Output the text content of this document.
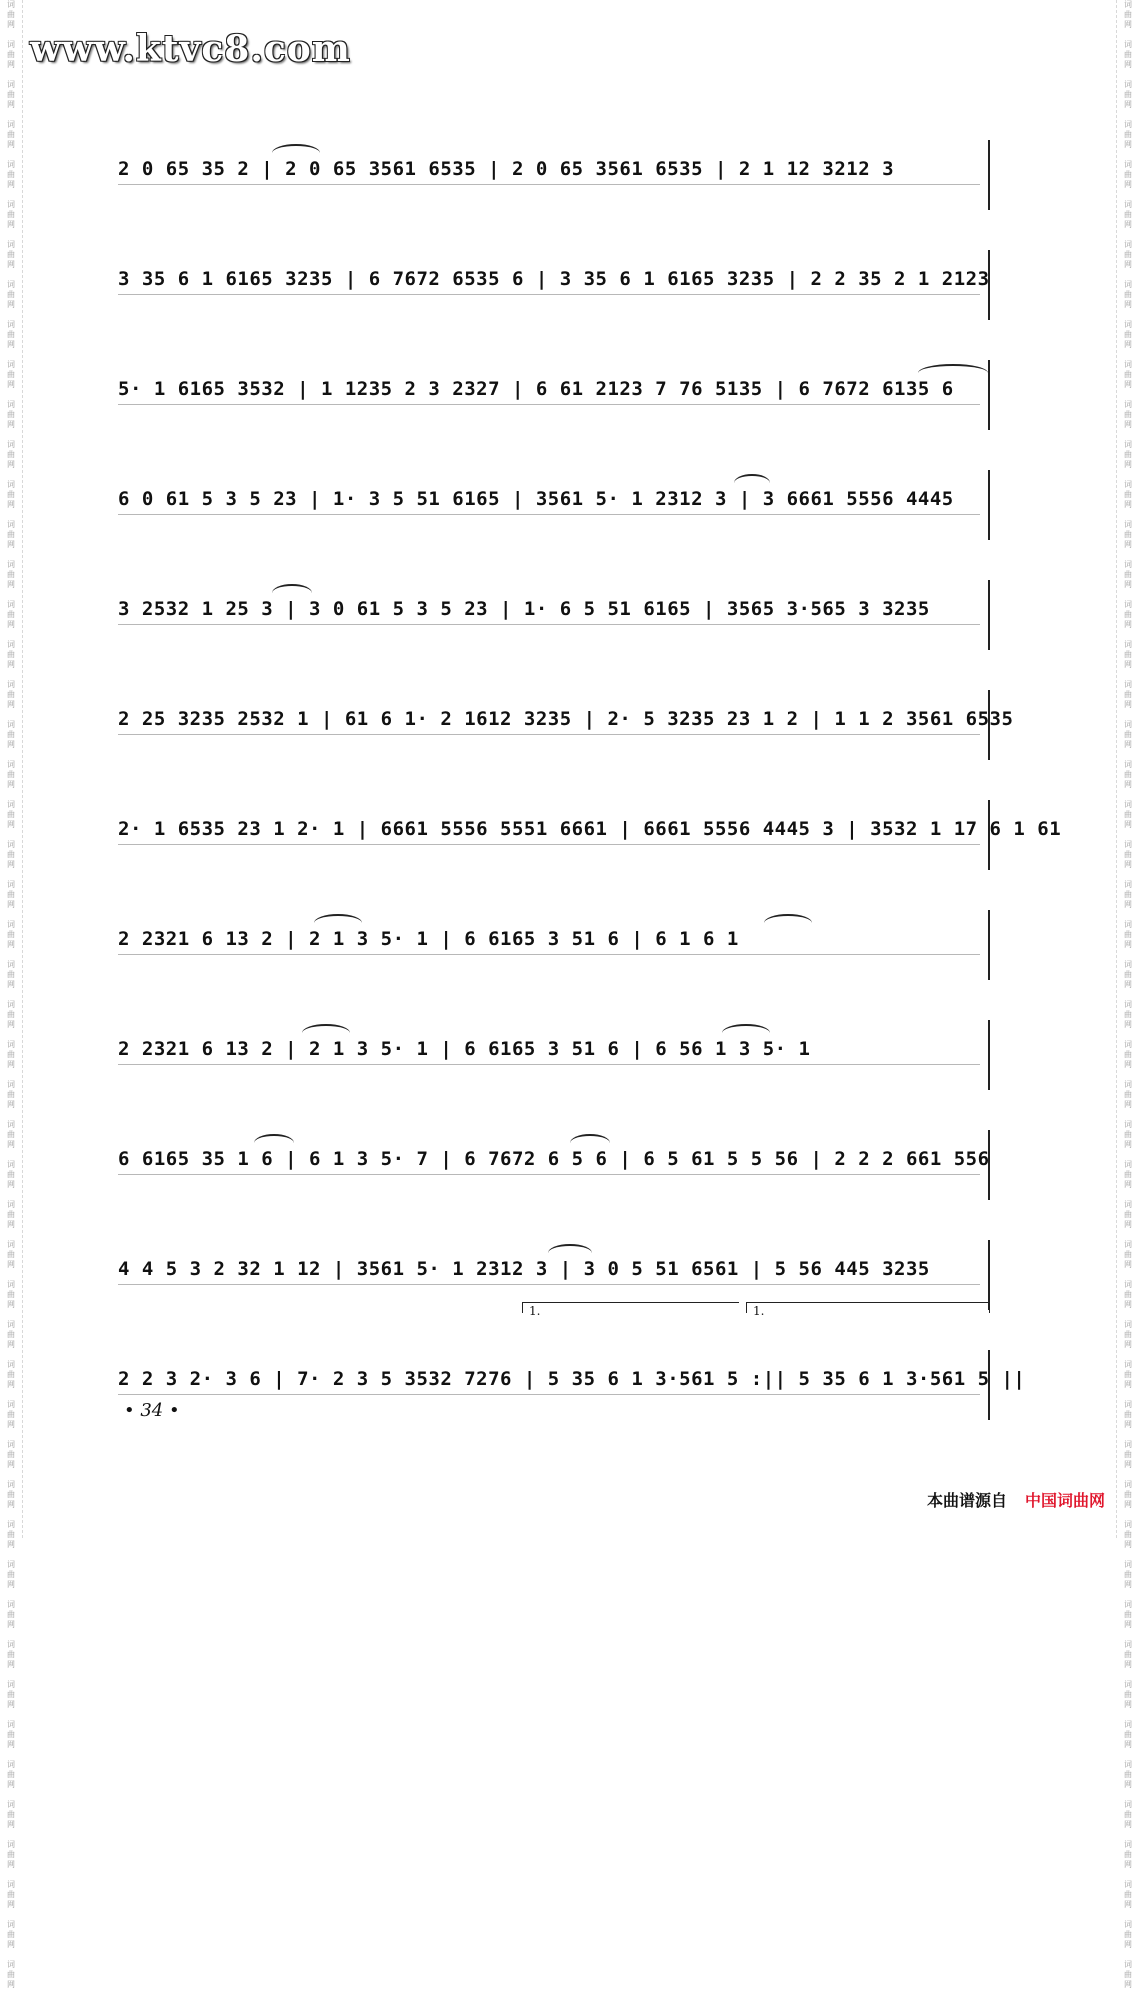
词
曲
网

词
曲
网

词
曲
网

词
曲
网

词
曲
网

词
曲
网

词
曲
网

词
曲
网

词
曲
网

词
曲
网

词
曲
网

词
曲
网

词
曲
网

词
曲
网

词
曲
网

词
曲
网

词
曲
网

词
曲
网

词
曲
网

词
曲
网

词
曲
网

词
曲
网

词
曲
网

词
曲
网

词
曲
网

词
曲
网

词
曲
网

词
曲
网

词
曲
网

词
曲
网

词
曲
网

词
曲
网

词
曲
网

词
曲
网

词
曲
网

词
曲
网

词
曲
网

词
曲
网

词
曲
网

词
曲
网

词
曲
网

词
曲
网

词
曲
网

词
曲
网

词
曲
网

词
曲
网

词
曲
网

词
曲
网

词
曲
网

词
曲
网

词
曲
网

词
曲
网

词
曲
网

词
曲
网

词
曲
网

词
曲
网

词
曲
网

词
曲
网

词
曲
网

词
曲
网

词
曲
网

词
曲
网

词
曲
网

词
曲
网

词
曲
网

词
曲
网

词
曲
网

词
曲
网

词
曲
网

词
曲
网

词
曲
网

词
曲
网

词
曲
网

词
曲
网

词
曲
网

词
曲
网

词
曲
网

词
曲
网

词
曲
网

词
曲
网

词
曲
网

词
曲
网

词
曲
网

词
曲
网

词
曲
网

词
曲
网

词
曲
网

词
曲
网

词
曲
网

词
曲
网

词
曲
网

词
曲
网

词
曲
网

词
曲
网

词
曲
网

词
曲
网

词
曲
网

词
曲
网

词
曲
网

词
曲
网

www.ktvc8.com
2 0 65 35 2 | 2 0 65 3561 6535 | 2 0 65 3561 6535 | 2 1 12 3212 3
3 35 6 1 6165 3235 | 6 7672 6535 6 | 3 35 6 1 6165 3235 | 2 2 35 2 1 2123
5· 1 6165 3532 | 1 1235 2 3 2327 | 6 61 2123 7 76 5135 | 6 7672 6135 6
6 0 61 5 3 5 23 | 1· 3 5 51 6165 | 3561 5· 1 2312 3 | 3 6661 5556 4445
3 2532 1 25 3 | 3 0 61 5 3 5 23 | 1· 6 5 51 6165 | 3565 3·565 3 3235
2 25 3235 2532 1 | 61 6 1· 2 1612 3235 | 2· 5 3235 23 1 2 | 1 1 2 3561 6535
2· 1 6535 23 1 2· 1 | 6661 5556 5551 6661 | 6661 5556 4445 3 | 3532 1 17 6 1 61
2 2321 6 13 2 | 2 1 3 5· 1 | 6 6165 3 51 6 | 6 1 6 1
2 2321 6 13 2 | 2 1 3 5· 1 | 6 6165 3 51 6 | 6 56 1 3 5· 1
6 6165 35 1 6 | 6 1 3 5· 7 | 6 7672 6 5 6 | 6 5 61 5 5 56 | 2 2 2 661 556
4 4 5 3 2 32 1 12 | 3561 5· 1 2312 3 | 3 0 5 51 6561 | 5 56 445 3235
2 2 3 2· 3 6 | 7· 2 3 5 3532 7276 | 5 35 6 1 3·561 5 :|| 5 35 6 1 3·561 5 ||
1.	1.
• 34 •
本曲谱源自 中国词曲网
